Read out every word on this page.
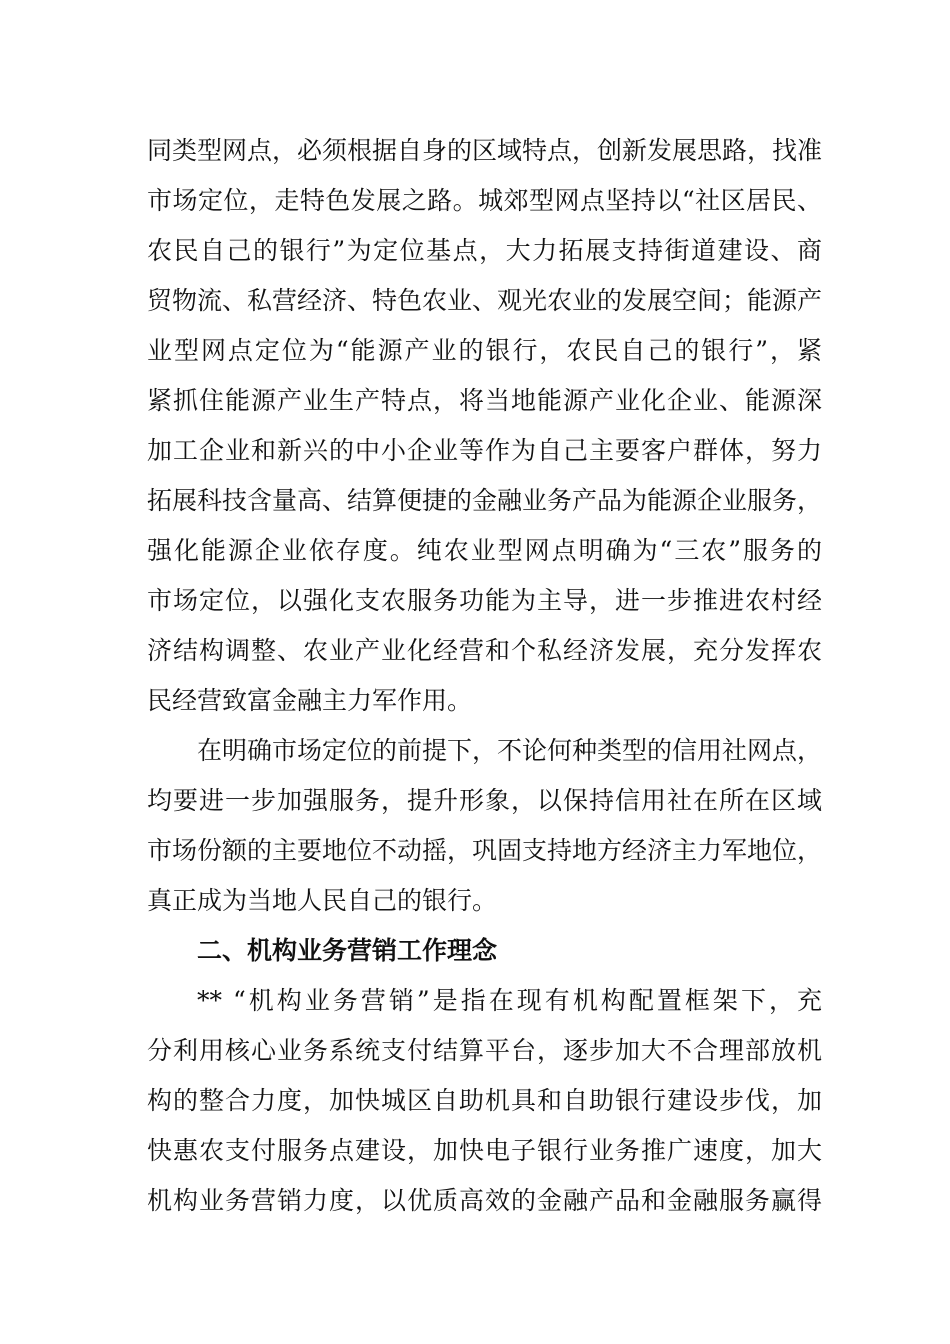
同类型网点，必须根据自身的区域特点，创新发展思路，找准
市场定位，走特色发展之路。城郊型网点坚持以“社区居民、
农民自己的银行”为定位基点，大力拓展支持街道建设、商
贸物流、私营经济、特色农业、观光农业的发展空间；能源产
业型网点定位为“能源产业的银行，农民自己的银行”，紧
紧抓住能源产业生产特点，将当地能源产业化企业、能源深
加工企业和新兴的中小企业等作为自己主要客户群体，努力
拓展科技含量高、结算便捷的金融业务产品为能源企业服务，
强化能源企业依存度。纯农业型网点明确为“三农”服务的
市场定位，以强化支农服务功能为主导，进一步推进农村经
济结构调整、农业产业化经营和个私经济发展，充分发挥农
民经营致富金融主力军作用。
在明确市场定位的前提下，不论何种类型的信用社网点，
均要进一步加强服务，提升形象，以保持信用社在所在区域
市场份额的主要地位不动摇，巩固支持地方经济主力军地位，
真正成为当地人民自己的银行。
二、机构业务营销工作理念
** “机构业务营销”是指在现有机构配置框架下，充
分利用核心业务系统支付结算平台，逐步加大不合理部放机
构的整合力度，加快城区自助机具和自助银行建设步伐，加
快惠农支付服务点建设，加快电子银行业务推广速度，加大
机构业务营销力度，以优质高效的金融产品和金融服务赢得
